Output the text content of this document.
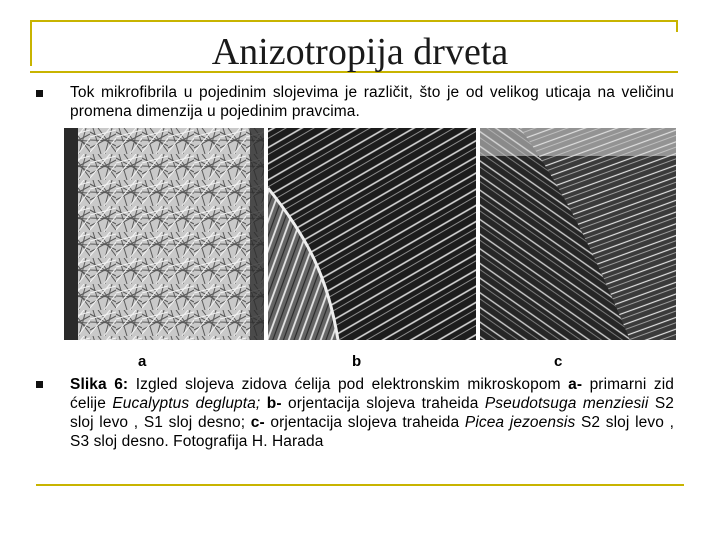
Anizotropija drveta
Tok mikrofibrila u pojedinim slojevima je različit, što je od velikog uticaja na veličinu promena dimenzija u pojedinim pravcima.
a	b	c
Slika 6: Izgled slojeva zidova ćelija pod elektronskim mikroskopom a- primarni zid ćelije Eucalyptus deglupta; b- orjentacija slojeva traheida Pseudotsuga menziesii S2 sloj levo , S1 sloj desno; c- orjentacija slojeva traheida Picea jezoensis S2 sloj levo , S3 sloj desno. Fotografija H. Harada
